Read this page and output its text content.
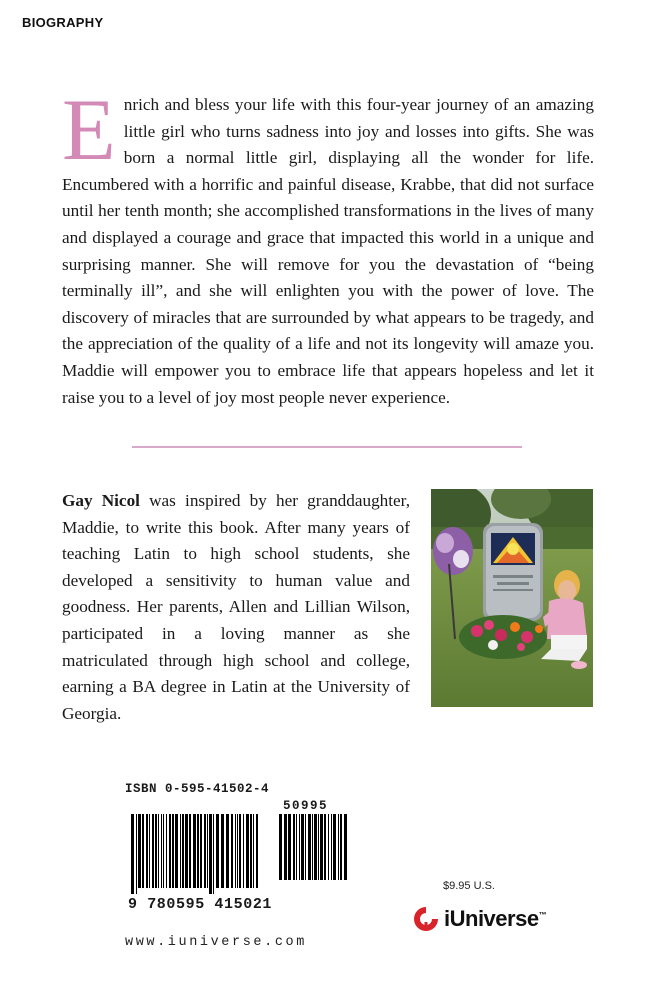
BIOGRAPHY
Enrich and bless your life with this four-year journey of an amazing little girl who turns sadness into joy and losses into gifts. She was born a normal little girl, displaying all the wonder for life. Encumbered with a horrific and painful disease, Krabbe, that did not surface until her tenth month; she accomplished transformations in the lives of many and displayed a courage and grace that impacted this world in a unique and surprising manner. She will remove for you the devastation of “being terminally ill”, and she will enlighten you with the power of love. The discovery of miracles that are surrounded by what appears to be tragedy, and the appreciation of the quality of a life and not its longevity will amaze you. Maddie will empower you to embrace life that appears hopeless and let it raise you to a level of joy most people never experience.
Gay Nicol was inspired by her granddaughter, Maddie, to write this book. After many years of teaching Latin to high school students, she developed a sensitivity to human value and goodness. Her parents, Allen and Lillian Wilson, participated in a loving manner as she matriculated through high school and college, earning a BA degree in Latin at the University of Georgia.
ISBN 0-595-41502-4
50995
9 780595 415021
$9.95 U.S.
iUniverse™
www.iuniverse.com
